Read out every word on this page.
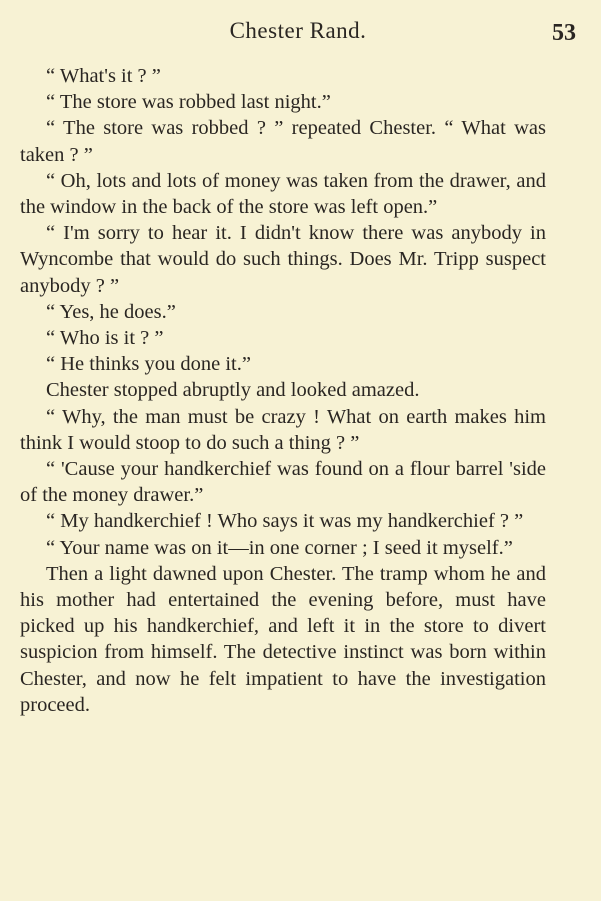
Chester Rand.	53

“ What's it ? ”

“ The store was robbed last night.”

“ The store was robbed ? ” repeated Chester. “ What was taken ? ”

“ Oh, lots and lots of money was taken from the drawer, and the window in the back of the store was left open.”

“ I'm sorry to hear it. I didn't know there was anybody in Wyncombe that would do such things. Does Mr. Tripp suspect anybody ? ”

“ Yes, he does.”

“ Who is it ? ”

“ He thinks you done it.”

Chester stopped abruptly and looked amazed.

“ Why, the man must be crazy ! What on earth makes him think I would stoop to do such a thing ? ”

“ 'Cause your handkerchief was found on a flour barrel 'side of the money drawer.”

“ My handkerchief ! Who says it was my handkerchief ? ”

“ Your name was on it—in one corner ; I seed it myself.”

Then a light dawned upon Chester. The tramp whom he and his mother had entertained the evening before, must have picked up his handkerchief, and left it in the store to divert suspicion from himself. The detective instinct was born within Chester, and now he felt impatient to have the investigation proceed.
